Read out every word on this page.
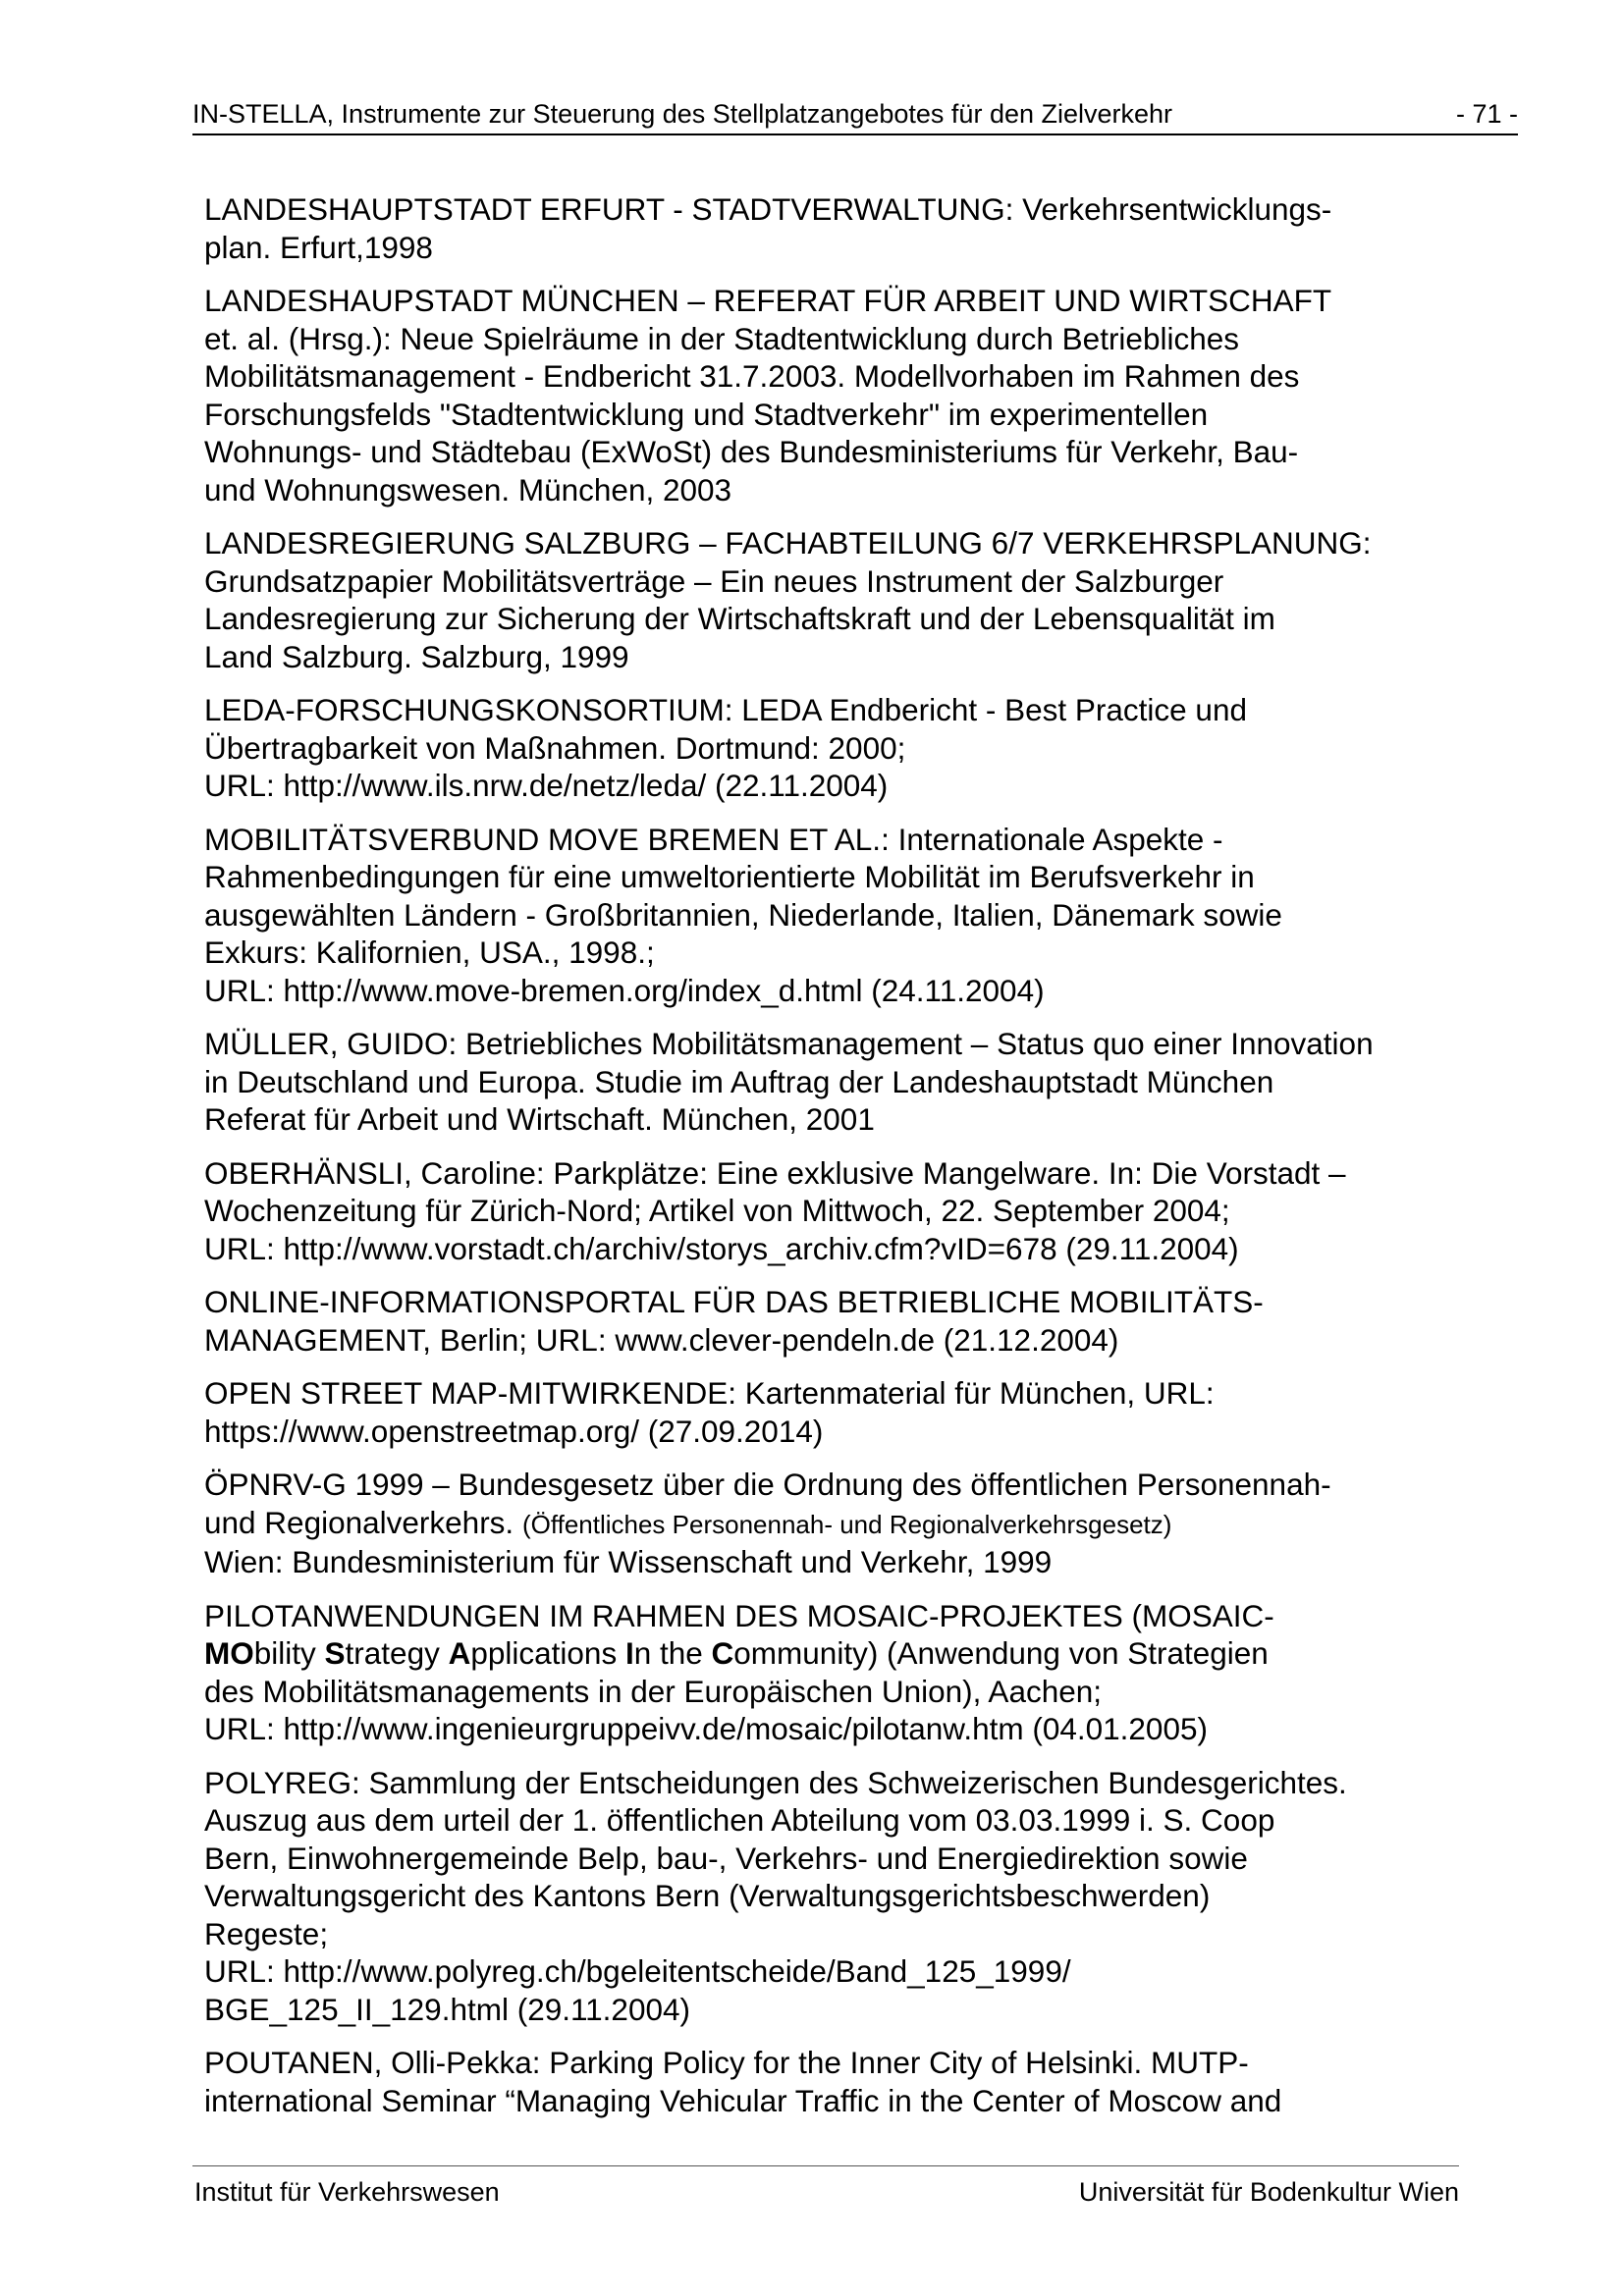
IN-STELLA, Instrumente zur Steuerung des Stellplatzangebotes für den Zielverkehr	- 71 -
LANDESHAUPTSTADT ERFURT - STADTVERWALTUNG: Verkehrsentwicklungs-
plan. Erfurt,1998
LANDESHAUPSTADT MÜNCHEN – REFERAT FÜR ARBEIT UND WIRTSCHAFT
et. al. (Hrsg.): Neue Spielräume in der Stadtentwicklung durch Betriebliches
Mobilitätsmanagement - Endbericht 31.7.2003. Modellvorhaben im Rahmen des
Forschungsfelds "Stadtentwicklung und Stadtverkehr" im experimentellen
Wohnungs- und Städtebau (ExWoSt) des Bundesministeriums für Verkehr, Bau-
und Wohnungswesen. München, 2003
LANDESREGIERUNG SALZBURG – FACHABTEILUNG 6/7 VERKEHRSPLANUNG:
Grundsatzpapier Mobilitätsverträge – Ein neues Instrument der Salzburger
Landesregierung zur Sicherung der Wirtschaftskraft und der Lebensqualität im
Land Salzburg. Salzburg, 1999
LEDA-FORSCHUNGSKONSORTIUM: LEDA Endbericht - Best Practice und
Übertragbarkeit von Maßnahmen. Dortmund: 2000;
URL: http://www.ils.nrw.de/netz/leda/ (22.11.2004)
MOBILITÄTSVERBUND MOVE BREMEN ET AL.: Internationale Aspekte -
Rahmenbedingungen für eine umweltorientierte Mobilität im Berufsverkehr in
ausgewählten Ländern - Großbritannien, Niederlande, Italien, Dänemark sowie
Exkurs: Kalifornien, USA., 1998.;
URL: http://www.move-bremen.org/index_d.html (24.11.2004)
MÜLLER, GUIDO: Betriebliches Mobilitätsmanagement – Status quo einer Innovation
in Deutschland und Europa. Studie im Auftrag der Landeshauptstadt München
Referat für Arbeit und Wirtschaft. München, 2001
OBERHÄNSLI, Caroline: Parkplätze: Eine exklusive Mangelware. In: Die Vorstadt –
Wochenzeitung für Zürich-Nord; Artikel von Mittwoch, 22. September 2004;
URL: http://www.vorstadt.ch/archiv/storys_archiv.cfm?vID=678 (29.11.2004)
ONLINE-INFORMATIONSPORTAL FÜR DAS BETRIEBLICHE MOBILITÄTS-
MANAGEMENT, Berlin; URL: www.clever-pendeln.de (21.12.2004)
OPEN STREET MAP-MITWIRKENDE: Kartenmaterial für München, URL:
https://www.openstreetmap.org/ (27.09.2014)
ÖPNRV-G 1999 – Bundesgesetz über die Ordnung des öffentlichen Personennah-
und Regionalverkehrs. (Öffentliches Personennah- und Regionalverkehrsgesetz)
Wien: Bundesministerium für Wissenschaft und Verkehr, 1999
PILOTANWENDUNGEN IM RAHMEN DES MOSAIC-PROJEKTES (MOSAIC-
MObility Strategy Applications In the Community) (Anwendung von Strategien
des Mobilitätsmanagements in der Europäischen Union), Aachen;
URL: http://www.ingenieurgruppeivv.de/mosaic/pilotanw.htm (04.01.2005)
POLYREG: Sammlung der Entscheidungen des Schweizerischen Bundesgerichtes.
Auszug aus dem urteil der 1. öffentlichen Abteilung vom 03.03.1999 i. S. Coop
Bern, Einwohnergemeinde Belp, bau-, Verkehrs- und Energiedirektion sowie
Verwaltungsgericht des Kantons Bern (Verwaltungsgerichtsbeschwerden)
Regeste;
URL: http://www.polyreg.ch/bgeleitentscheide/Band_125_1999/
BGE_125_II_129.html (29.11.2004)
POUTANEN, Olli-Pekka: Parking Policy for the Inner City of Helsinki. MUTP-
international Seminar “Managing Vehicular Traffic in the Center of Moscow and
Institut für Verkehrswesen	Universität für Bodenkultur Wien
